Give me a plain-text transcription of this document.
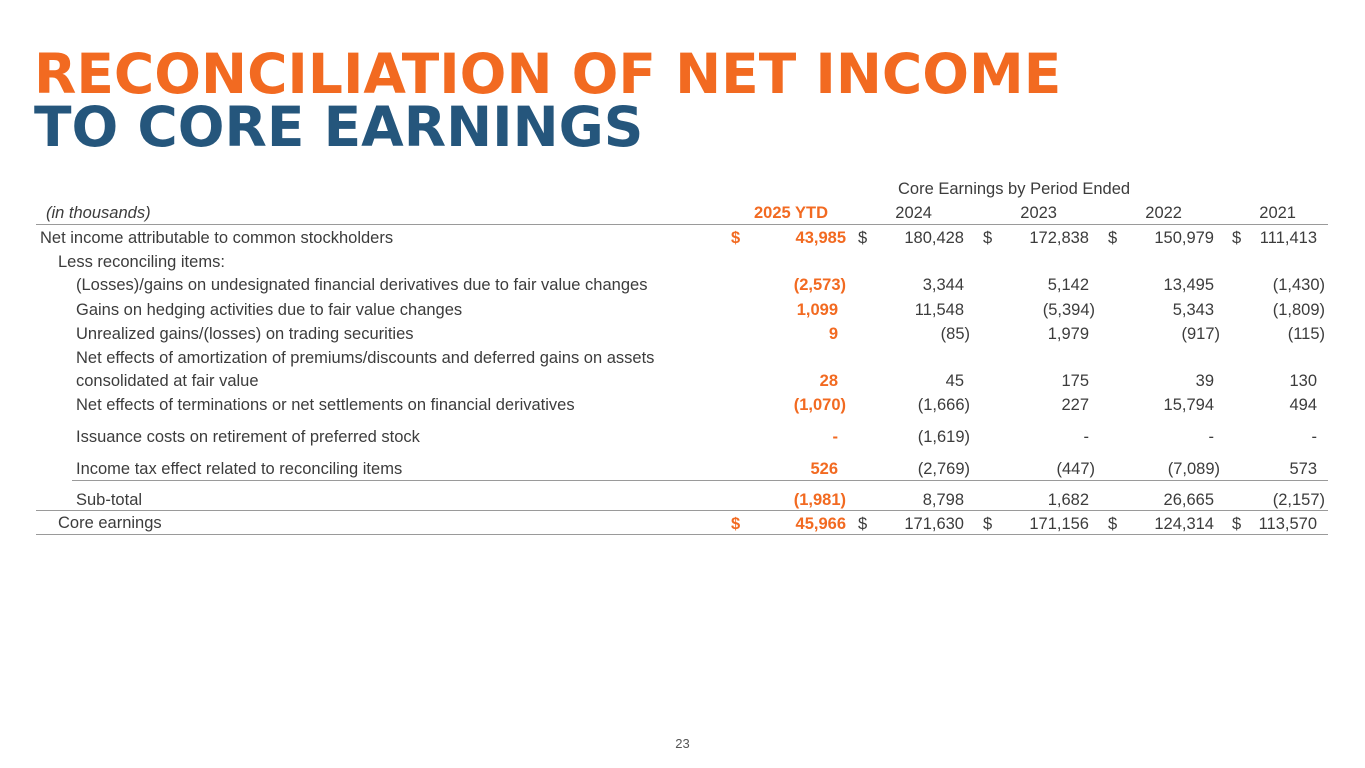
RECONCILIATION OF NET INCOME
TO CORE EARNINGS
Core Earnings by Period Ended
(in thousands)	2025 YTD	2024	2023	2022	2021
Net income attributable to common stockholders	$	43,985 $	180,428 $	172,838 $	150,979 $	111,413
Less reconciling items:
(Losses)/gains on undesignated financial derivatives due to fair value changes	(2,573)	3,344	5,142	13,495	(1,430)
Gains on hedging activities due to fair value changes	1,099	11,548	(5,394)	5,343	(1,809)
Unrealized gains/(losses) on trading securities	9	(85)	1,979	(917)	(115)
Net effects of amortization of premiums/discounts and deferred gains on assets
consolidated at fair value	28	45	175	39	130
Net effects of terminations or net settlements on financial derivatives	(1,070)	(1,666)	227	15,794	494
Issuance costs on retirement of preferred stock	-	(1,619)	-	-	-
Income tax effect related to reconciling items	526	(2,769)	(447)	(7,089)	573
Sub-total	(1,981)	8,798	1,682	26,665	(2,157)
Core earnings	$	45,966 $	171,630 $	171,156 $	124,314 $	113,570
23
